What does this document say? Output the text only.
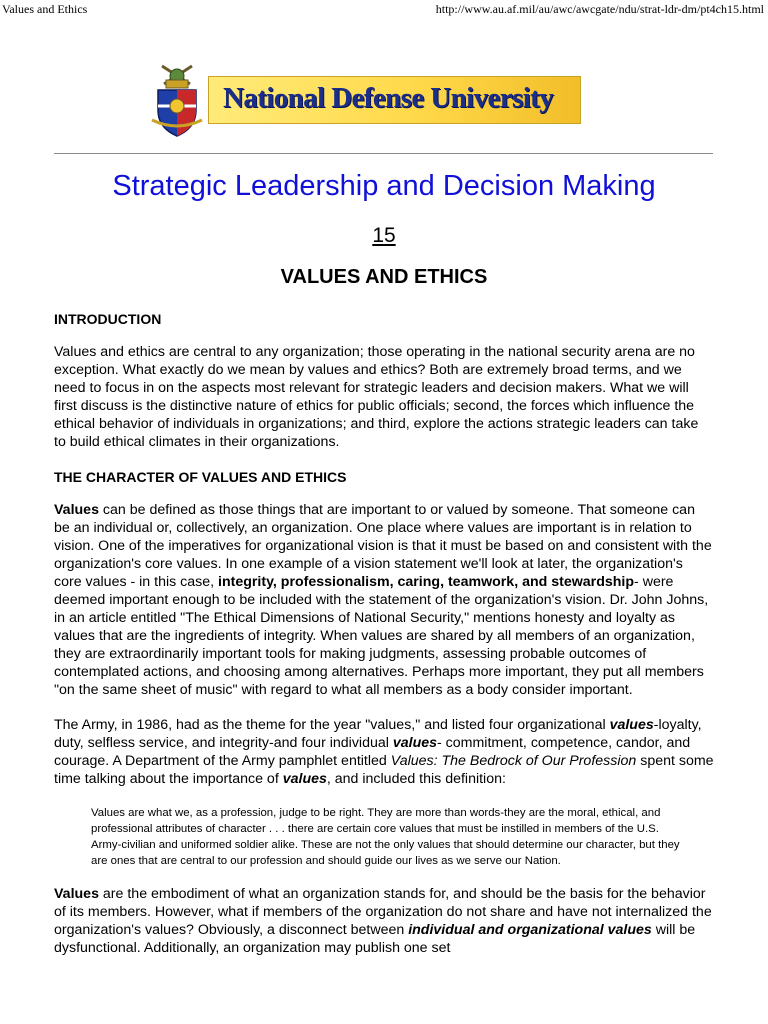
Values and Ethics	http://www.au.af.mil/au/awc/awcgate/ndu/strat-ldr-dm/pt4ch15.html
National Defense University
Strategic Leadership and Decision Making
15
VALUES AND ETHICS
INTRODUCTION

Values and ethics are central to any organization; those operating in the national security arena are no exception. What exactly do we mean by values and ethics? Both are extremely broad terms, and we need to focus in on the aspects most relevant for strategic leaders and decision makers. What we will first discuss is the distinctive nature of ethics for public officials; second, the forces which influence the ethical behavior of individuals in organizations; and third, explore the actions strategic leaders can take to build ethical climates in their organizations.

THE CHARACTER OF VALUES AND ETHICS

Values can be defined as those things that are important to or valued by someone. That someone can be an individual or, collectively, an organization. One place where values are important is in relation to vision. One of the imperatives for organizational vision is that it must be based on and consistent with the organization's core values. In one example of a vision statement we'll look at later, the organization's core values - in this case, integrity, professionalism, caring, teamwork, and stewardship- were deemed important enough to be included with the statement of the organization's vision. Dr. John Johns, in an article entitled "The Ethical Dimensions of National Security," mentions honesty and loyalty as values that are the ingredients of integrity. When values are shared by all members of an organization, they are extraordinarily important tools for making judgments, assessing probable outcomes of contemplated actions, and choosing among alternatives. Perhaps more important, they put all members "on the same sheet of music" with regard to what all members as a body consider important.

The Army, in 1986, had as the theme for the year "values," and listed four organizational values-loyalty, duty, selfless service, and integrity-and four individual values- commitment, competence, candor, and courage. A Department of the Army pamphlet entitled Values: The Bedrock of Our Profession spent some time talking about the importance of values, and included this definition:

Values are what we, as a profession, judge to be right. They are more than words-they are the moral, ethical, and professional attributes of character . . . there are certain core values that must be instilled in members of the U.S. Army-civilian and uniformed soldier alike. These are not the only values that should determine our character, but they are ones that are central to our profession and should guide our lives as we serve our Nation.

Values are the embodiment of what an organization stands for, and should be the basis for the behavior of its members. However, what if members of the organization do not share and have not internalized the organization's values? Obviously, a disconnect between individual and organizational values will be dysfunctional. Additionally, an organization may publish one set
